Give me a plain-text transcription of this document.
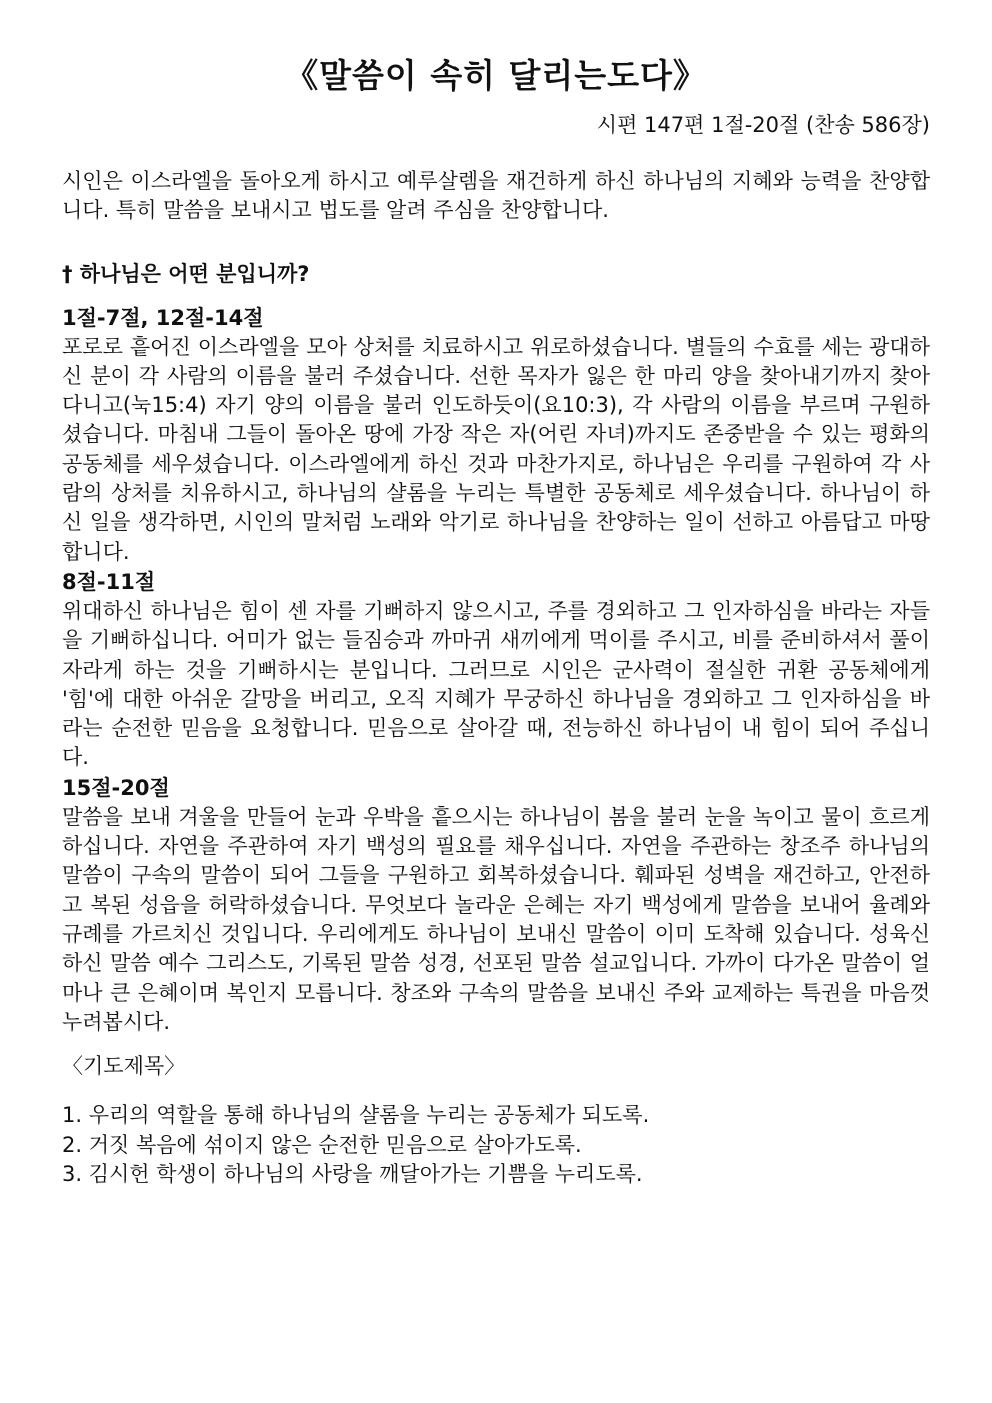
《말씀이 속히 달리는도다》
시편 147편 1절-20절 (찬송 586장)

시인은 이스라엘을 돌아오게 하시고 예루살렘을 재건하게 하신 하나님의 지혜와 능력을 찬양합니다. 특히 말씀을 보내시고 법도를 알려 주심을 찬양합니다.

† 하나님은 어떤 분입니까?
1절-7절, 12절-14절

포로로 흩어진 이스라엘을 모아 상처를 치료하시고 위로하셨습니다. 별들의 수효를 세는 광대하신 분이 각 사람의 이름을 불러 주셨습니다. 선한 목자가 잃은 한 마리 양을 찾아내기까지 찾아다니고(눅15:4) 자기 양의 이름을 불러 인도하듯이(요10:3), 각 사람의 이름을 부르며 구원하셨습니다. 마침내 그들이 돌아온 땅에 가장 작은 자(어린 자녀)까지도 존중받을 수 있는 평화의 공동체를 세우셨습니다. 이스라엘에게 하신 것과 마찬가지로, 하나님은 우리를 구원하여 각 사람의 상처를 치유하시고, 하나님의 샬롬을 누리는 특별한 공동체로 세우셨습니다. 하나님이 하신 일을 생각하면, 시인의 말처럼 노래와 악기로 하나님을 찬양하는 일이 선하고 아름답고 마땅합니다.

8절-11절

위대하신 하나님은 힘이 센 자를 기뻐하지 않으시고, 주를 경외하고 그 인자하심을 바라는 자들을 기뻐하십니다. 어미가 없는 들짐승과 까마귀 새끼에게 먹이를 주시고, 비를 준비하셔서 풀이 자라게 하는 것을 기뻐하시는 분입니다. 그러므로 시인은 군사력이 절실한 귀환 공동체에게 '힘'에 대한 아쉬운 갈망을 버리고, 오직 지혜가 무궁하신 하나님을 경외하고 그 인자하심을 바라는 순전한 믿음을 요청합니다. 믿음으로 살아갈 때, 전능하신 하나님이 내 힘이 되어 주십니다.

15절-20절

말씀을 보내 겨울을 만들어 눈과 우박을 흩으시는 하나님이 봄을 불러 눈을 녹이고 물이 흐르게 하십니다. 자연을 주관하여 자기 백성의 필요를 채우십니다. 자연을 주관하는 창조주 하나님의 말씀이 구속의 말씀이 되어 그들을 구원하고 회복하셨습니다. 훼파된 성벽을 재건하고, 안전하고 복된 성읍을 허락하셨습니다. 무엇보다 놀라운 은혜는 자기 백성에게 말씀을 보내어 율례와 규례를 가르치신 것입니다. 우리에게도 하나님이 보내신 말씀이 이미 도착해 있습니다. 성육신하신 말씀 예수 그리스도, 기록된 말씀 성경, 선포된 말씀 설교입니다. 가까이 다가온 말씀이 얼마나 큰 은혜이며 복인지 모릅니다. 창조와 구속의 말씀을 보내신 주와 교제하는 특권을 마음껏 누려봅시다.

〈기도제목〉
1. 우리의 역할을 통해 하나님의 샬롬을 누리는 공동체가 되도록.
2. 거짓 복음에 섞이지 않은 순전한 믿음으로 살아가도록.
3. 김시헌 학생이 하나님의 사랑을 깨달아가는 기쁨을 누리도록.
